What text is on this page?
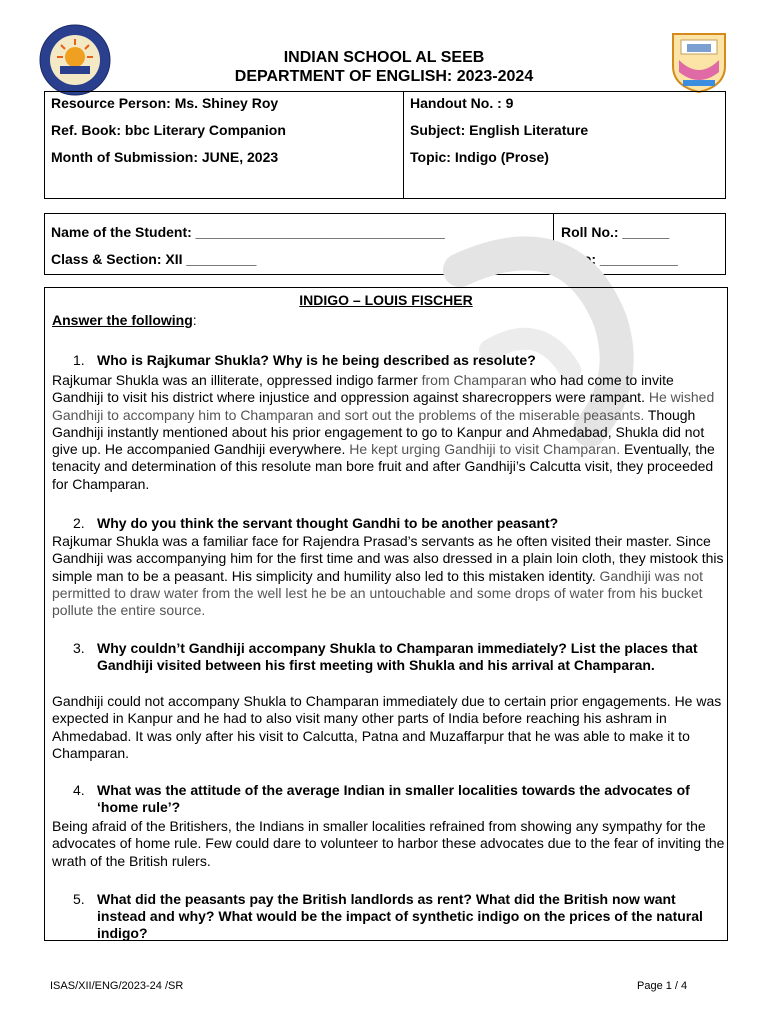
INDIAN SCHOOL AL SEEB
DEPARTMENT OF ENGLISH: 2023-2024
Resource Person: Ms. Shiney Roy
Ref. Book: bbc Literary Companion
Month of Submission: JUNE, 2023
Handout No. : 9
Subject: English Literature
Topic: Indigo (Prose)
Name of the Student: ________________________________
Class & Section: XII _________
Roll No.: ______
Date: __________
INDIGO – LOUIS FISCHER
Answer the following:
1. Who is Rajkumar Shukla? Why is he being described as resolute?
Rajkumar Shukla was an illiterate, oppressed indigo farmer from Champaran who had come to invite Gandhiji to visit his district where injustice and oppression against sharecroppers were rampant. He wished Gandhiji to accompany him to Champaran and sort out the problems of the miserable peasants. Though Gandhiji instantly mentioned about his prior engagement to go to Kanpur and Ahmedabad, Shukla did not give up. He accompanied Gandhiji everywhere. He kept urging Gandhiji to visit Champaran. Eventually, the tenacity and determination of this resolute man bore fruit and after Gandhiji’s Calcutta visit, they proceeded for Champaran.
2. Why do you think the servant thought Gandhi to be another peasant?
Rajkumar Shukla was a familiar face for Rajendra Prasad’s servants as he often visited their master. Since Gandhiji was accompanying him for the first time and was also dressed in a plain loin cloth, they mistook this simple man to be a peasant. His simplicity and humility also led to this mistaken identity. Gandhiji was not permitted to draw water from the well lest he be an untouchable and some drops of water from his bucket pollute the entire source.
3. Why couldn’t Gandhiji accompany Shukla to Champaran immediately? List the places that Gandhiji visited between his first meeting with Shukla and his arrival at Champaran.
Gandhiji could not accompany Shukla to Champaran immediately due to certain prior engagements. He was expected in Kanpur and he had to also visit many other parts of India before reaching his ashram in Ahmedabad. It was only after his visit to Calcutta, Patna and Muzaffarpur that he was able to make it to Champaran.
4. What was the attitude of the average Indian in smaller localities towards the advocates of ‘home rule’?
Being afraid of the Britishers, the Indians in smaller localities refrained from showing any sympathy for the advocates of home rule. Few could dare to volunteer to harbor these advocates due to the fear of inviting the wrath of the British rulers.
5. What did the peasants pay the British landlords as rent? What did the British now want instead and why? What would be the impact of synthetic indigo on the prices of the natural indigo?
ISAS/XII/ENG/2023-24 /SR	Page 1 / 4
